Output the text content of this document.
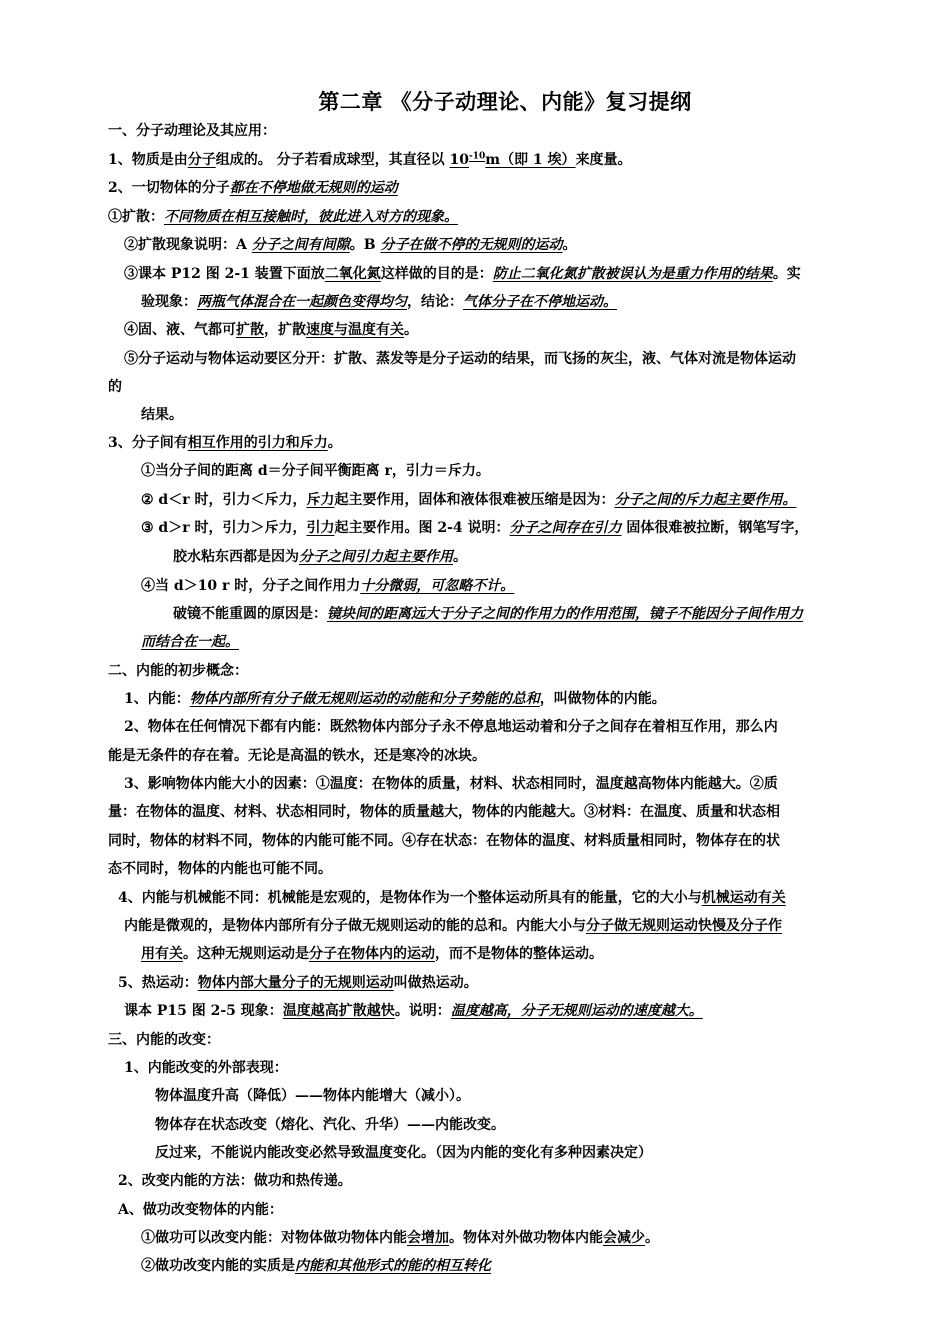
第二章 《分子动理论、内能》复习提纲
一、分子动理论及其应用：
1、物质是由分子组成的。 分子若看成球型，其直径以 $10^{-10}m$（即 1 埃）来度量。
2、一切物体的分子都在不停地做无规则的运动
①扩散：不同物质在相互接触时，彼此进入对方的现象。
②扩散现象说明：A 分子之间有间隙。B 分子在做不停的无规则的运动。
③课本 P12 图 2-1 装置下面放二氧化氮这样做的目的是：防止二氧化氮扩散被误认为是重力作用的结果。实
验现象：两瓶气体混合在一起颜色变得均匀，结论：气体分子在不停地运动。
④固、液、气都可扩散，扩散速度与温度有关。
⑤分子运动与物体运动要区分开：扩散、蒸发等是分子运动的结果，而飞扬的灰尘，液、气体对流是物体运动
的
结果。
3、分子间有相互作用的引力和斥力。
①当分子间的距离 d＝分子间平衡距离 r，引力＝斥力。
② d＜r 时，引力＜斥力，斥力起主要作用，固体和液体很难被压缩是因为：分子之间的斥力起主要作用。
③ d＞r 时，引力＞斥力，引力起主要作用。图 2-4 说明：分子之间存在引力 固体很难被拉断，钢笔写字，
胶水粘东西都是因为分子之间引力起主要作用。
④当 d＞10 r 时，分子之间作用力十分微弱，可忽略不计。
破镜不能重圆的原因是：镜块间的距离远大于分子之间的作用力的作用范围，镜子不能因分子间作用力
而结合在一起。
二、内能的初步概念：
1、内能：物体内部所有分子做无规则运动的动能和分子势能的总和，叫做物体的内能。
2、物体在任何情况下都有内能：既然物体内部分子永不停息地运动着和分子之间存在着相互作用，那么内
能是无条件的存在着。无论是高温的铁水，还是寒冷的冰块。
3、影响物体内能大小的因素：①温度：在物体的质量，材料、状态相同时，温度越高物体内能越大。②质
量：在物体的温度、材料、状态相同时，物体的质量越大，物体的内能越大。③材料：在温度、质量和状态相
同时，物体的材料不同，物体的内能可能不同。④存在状态：在物体的温度、材料质量相同时，物体存在的状
态不同时，物体的内能也可能不同。
4、内能与机械能不同：机械能是宏观的，是物体作为一个整体运动所具有的能量，它的大小与机械运动有关
内能是微观的，是物体内部所有分子做无规则运动的能的总和。内能大小与分子做无规则运动快慢及分子作
用有关。这种无规则运动是分子在物体内的运动，而不是物体的整体运动。
5、热运动：物体内部大量分子的无规则运动叫做热运动。
课本 P15 图 2-5 现象：温度越高扩散越快。说明：温度越高，分子无规则运动的速度越大。
三、内能的改变：
1、内能改变的外部表现：
物体温度升高（降低）——物体内能增大（减小）。
物体存在状态改变（熔化、汽化、升华）——内能改变。
反过来，不能说内能改变必然导致温度变化。（因为内能的变化有多种因素决定）
2、改变内能的方法：做功和热传递。
A、做功改变物体的内能：
①做功可以改变内能：对物体做功物体内能会增加。物体对外做功物体内能会减少。
②做功改变内能的实质是内能和其他形式的能的相互转化
